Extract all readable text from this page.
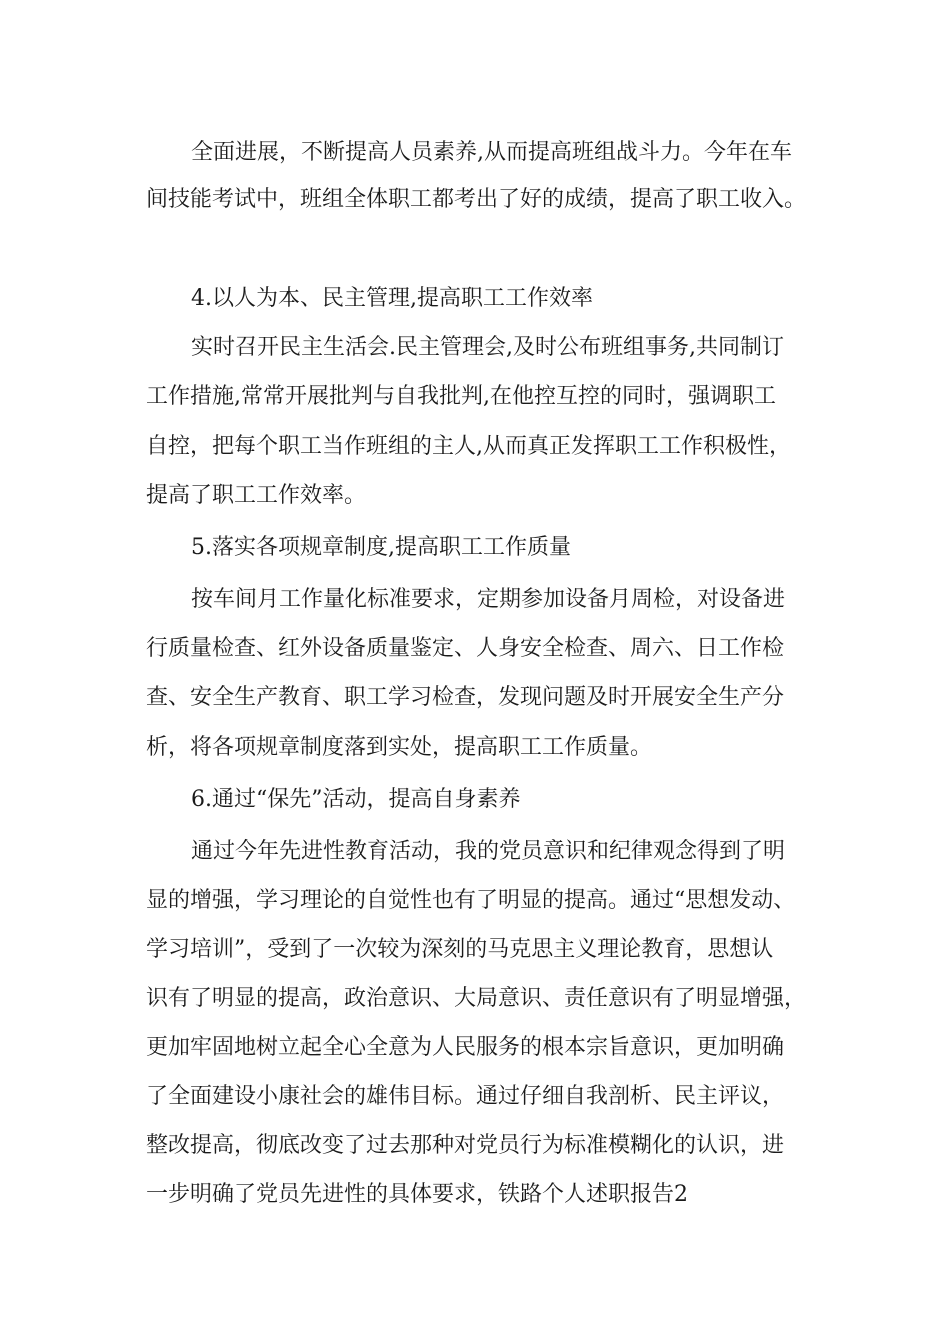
全面进展，不断提高人员素养,从而提高班组战斗力。今年在车
间技能考试中，班组全体职工都考出了好的成绩，提高了职工收入。
4.以人为本、民主管理,提高职工工作效率
实时召开民主生活会.民主管理会,及时公布班组事务,共同制订
工作措施,常常开展批判与自我批判,在他控互控的同时，强调职工
自控，把每个职工当作班组的主人,从而真正发挥职工工作积极性，
提高了职工工作效率。
5.落实各项规章制度,提高职工工作质量
按车间月工作量化标准要求，定期参加设备月周检，对设备进
行质量检查、红外设备质量鉴定、人身安全检查、周六、日工作检
查、安全生产教育、职工学习检查，发现问题及时开展安全生产分
析，将各项规章制度落到实处，提高职工工作质量。
6.通过“保先”活动，提高自身素养
通过今年先进性教育活动，我的党员意识和纪律观念得到了明
显的增强，学习理论的自觉性也有了明显的提高。通过“思想发动、
学习培训”，受到了一次较为深刻的马克思主义理论教育，思想认
识有了明显的提高，政治意识、大局意识、责任意识有了明显增强，
更加牢固地树立起全心全意为人民服务的根本宗旨意识，更加明确
了全面建设小康社会的雄伟目标。通过仔细自我剖析、民主评议，
整改提高，彻底改变了过去那种对党员行为标准模糊化的认识，进
一步明确了党员先进性的具体要求，铁路个人述职报告2
